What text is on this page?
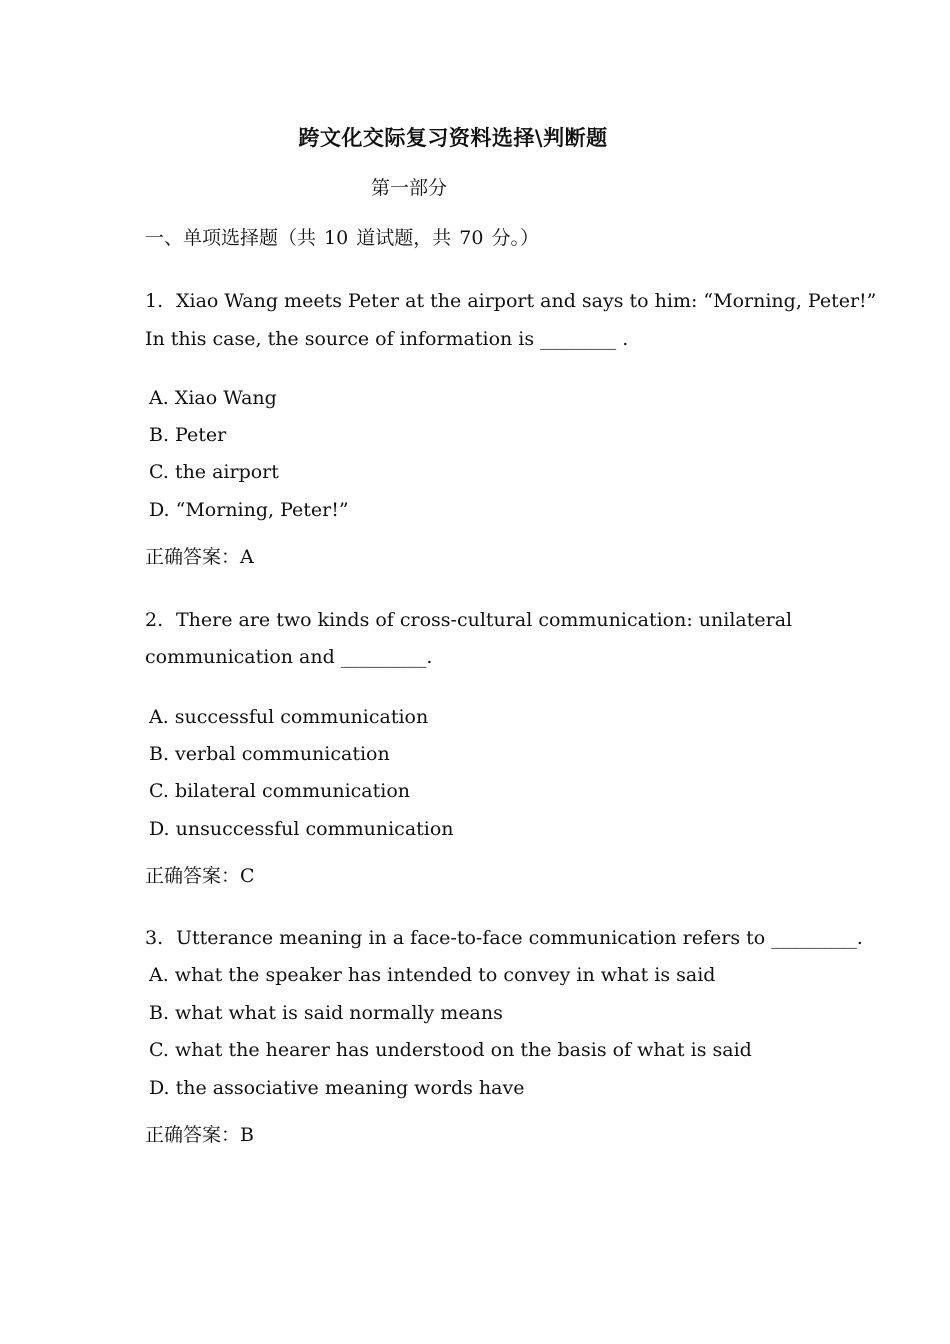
跨文化交际复习资料选择\判断题
第一部分
一、单项选择题（共 10 道试题，共 70 分。）
1. Xiao Wang meets Peter at the airport and says to him: “Morning, Peter!”
In this case, the source of information is ________ .
A. Xiao Wang
B. Peter
C. the airport
D. “Morning, Peter!”
正确答案：A
2. There are two kinds of cross-cultural communication: unilateral
communication and _________.
A. successful communication
B. verbal communication
C. bilateral communication
D. unsuccessful communication
正确答案：C
3. Utterance meaning in a face-to-face communication refers to _________.
A. what the speaker has intended to convey in what is said
B. what what is said normally means
C. what the hearer has understood on the basis of what is said
D. the associative meaning words have
正确答案：B
